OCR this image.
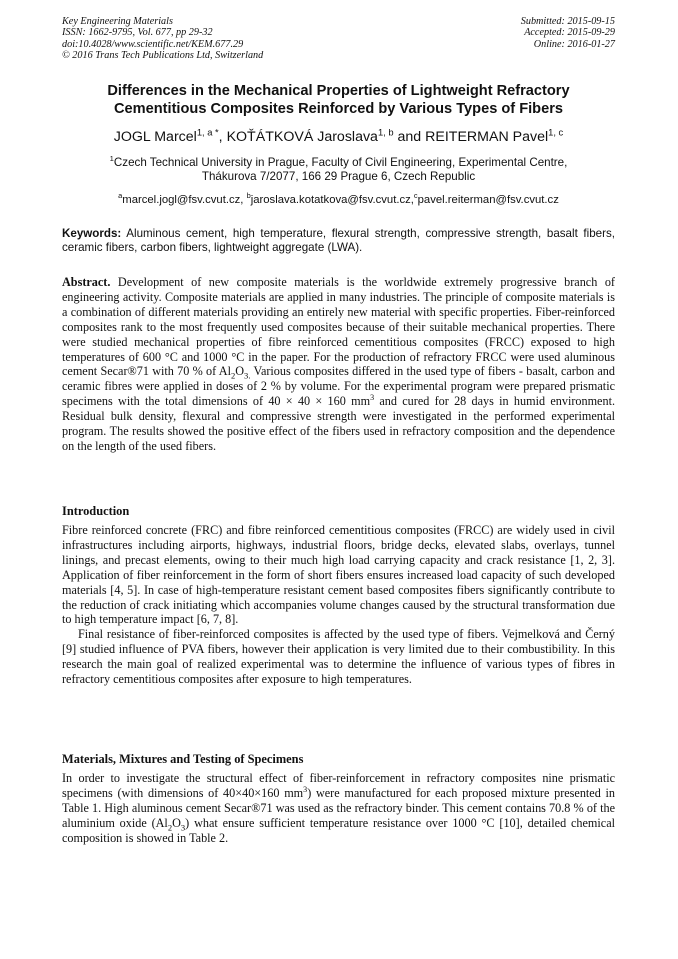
Key Engineering Materials
ISSN: 1662-9795, Vol. 677, pp 29-32
doi:10.4028/www.scientific.net/KEM.677.29
© 2016 Trans Tech Publications Ltd, Switzerland
Submitted: 2015-09-15
Accepted: 2015-09-29
Online: 2016-01-27
Differences in the Mechanical Properties of Lightweight Refractory
Cementitious Composites Reinforced by Various Types of Fibers
JOGL Marcel$^{1, a *}$, KOŤÁTKOVÁ Jaroslava$^{1, b}$ and REITERMAN Pavel$^{1, c}$
$^1$Czech Technical University in Prague, Faculty of Civil Engineering, Experimental Centre,
Thákurova 7/2077, 166 29 Prague 6, Czech Republic
$^a$marcel.jogl@fsv.cvut.cz, $^b$jaroslava.kotatkova@fsv.cvut.cz,$^c$pavel.reiterman@fsv.cvut.cz
Keywords: Aluminous cement, high temperature, flexural strength, compressive strength, basalt fibers, ceramic fibers, carbon fibers, lightweight aggregate (LWA).

Abstract. Development of new composite materials is the worldwide extremely progressive branch of engineering activity. Composite materials are applied in many industries. The principle of composite materials is a combination of different materials providing an entirely new material with specific properties. Fiber-reinforced composites rank to the most frequently used composites because of their suitable mechanical properties. There were studied mechanical properties of fibre reinforced cementitious composites (FRCC) exposed to high temperatures of 600 °C and 1000 °C in the paper. For the production of refractory FRCC were used aluminous cement Secar®71 with 70 % of $Al_2O_{3.}$ Various composites differed in the used type of fibers - basalt, carbon and ceramic fibres were applied in doses of 2 % by volume. For the experimental program were prepared prismatic specimens with the total dimensions of 40 × 40 × 160 $mm^3$ and cured for 28 days in humid environment. Residual bulk density, flexural and compressive strength were investigated in the performed experimental program. The results showed the positive effect of the fibers used in refractory composition and the dependence on the length of the used fibers.

Introduction

Fibre reinforced concrete (FRC) and fibre reinforced cementitious composites (FRCC) are widely used in civil infrastructures including airports, highways, industrial floors, bridge decks, elevated slabs, overlays, tunnel linings, and precast elements, owing to their much high load carrying capacity and crack resistance [1, 2, 3]. Application of fiber reinforcement in the form of short fibers ensures increased load capacity of such developed materials [4, 5]. In case of high-temperature resistant cement based composites fibers significantly contribute to the reduction of crack initiating which accompanies volume changes caused by the structural transformation due to high temperature impact [6, 7, 8].

Final resistance of fiber-reinforced composites is affected by the used type of fibers. Vejmelková and Černý [9] studied influence of PVA fibers, however their application is very limited due to their combustibility. In this research the main goal of realized experimental was to determine the influence of various types of fibres in refractory cementitious composites after exposure to high temperatures.

Materials, Mixtures and Testing of Specimens

In order to investigate the structural effect of fiber-reinforcement in refractory composites nine prismatic specimens (with dimensions of 40×40×160 $mm^3$) were manufactured for each proposed mixture presented in Table 1. High aluminous cement Secar®71 was used as the refractory binder. This cement contains 70.8 % of the aluminium oxide $(Al_2O_3)$ what ensure sufficient temperature resistance over 1000 °C [10], detailed chemical composition is showed in Table 2.
